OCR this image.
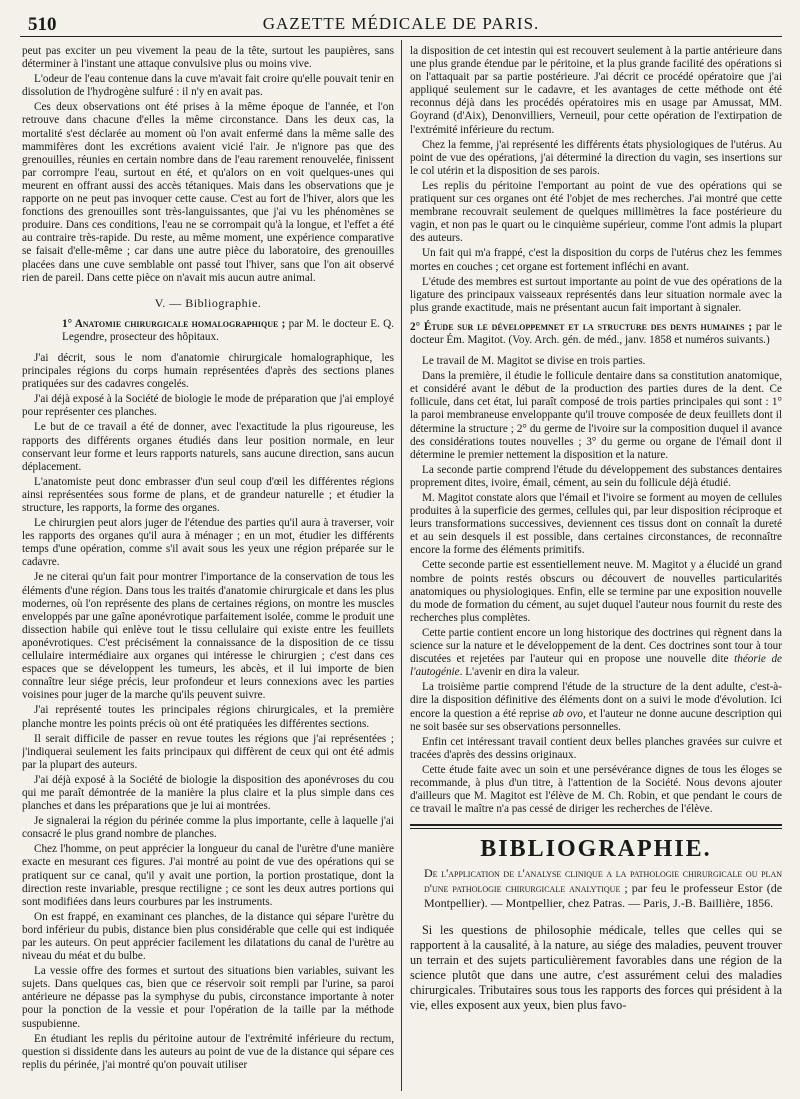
510	GAZETTE MÉDICALE DE PARIS.

peut pas exciter un peu vivement la peau de la tête, surtout les paupières, sans déterminer à l'instant une attaque convulsive plus ou moins vive.

L'odeur de l'eau contenue dans la cuve m'avait fait croire qu'elle pouvait tenir en dissolution de l'hydrogène sulfuré : il n'y en avait pas.

Ces deux observations ont été prises à la même époque de l'année, et l'on retrouve dans chacune d'elles la même circonstance. Dans les deux cas, la mortalité s'est déclarée au moment où l'on avait enfermé dans la même salle des mammifères dont les excrétions avaient vicié l'air. Je n'ignore pas que des grenouilles, réunies en certain nombre dans de l'eau rarement renouvelée, finissent par corrompre l'eau, surtout en été, et qu'alors on en voit quelques-unes qui meurent en offrant aussi des accès tétaniques. Mais dans les observations que je rapporte on ne peut pas invoquer cette cause. C'est au fort de l'hiver, alors que les fonctions des grenouilles sont très-languissantes, que j'ai vu les phénomènes se produire. Dans ces conditions, l'eau ne se corrompait qu'à la longue, et l'effet a été au contraire très-rapide. Du reste, au même moment, une expérience comparative se faisait d'elle-même ; car dans une autre pièce du laboratoire, des grenouilles placées dans une cuve semblable ont passé tout l'hiver, sans que l'on ait observé rien de pareil. Dans cette pièce on n'avait mis aucun autre animal.

V. — Bibliographie.

1° Anatomie chirurgicale homalographique ; par M. le docteur E. Q. Legendre, prosecteur des hôpitaux.

J'ai décrit, sous le nom d'anatomie chirurgicale homalographique, les principales régions du corps humain représentées d'après des sections planes pratiquées sur des cadavres congelés.

J'ai déjà exposé à la Société de biologie le mode de préparation que j'ai employé pour représenter ces planches.

Le but de ce travail a été de donner, avec l'exactitude la plus rigoureuse, les rapports des différents organes étudiés dans leur position normale, en leur conservant leur forme et leurs rapports naturels, sans aucune direction, sans aucun déplacement.

L'anatomiste peut donc embrasser d'un seul coup d'œil les différentes régions ainsi représentées sous forme de plans, et de grandeur naturelle ; et étudier la structure, les rapports, la forme des organes.

Le chirurgien peut alors juger de l'étendue des parties qu'il aura à traverser, voir les rapports des organes qu'il aura à ménager ; en un mot, étudier les différents temps d'une opération, comme s'il avait sous les yeux une région préparée sur le cadavre.

Je ne citerai qu'un fait pour montrer l'importance de la conservation de tous les éléments d'une région. Dans tous les traités d'anatomie chirurgicale et dans les plus modernes, où l'on représente des plans de certaines régions, on montre les muscles enveloppés par une gaîne aponévrotique parfaitement isolée, comme le produit une dissection habile qui enlève tout le tissu cellulaire qui existe entre les feuillets aponévrotiques. C'est précisément la connaissance de la disposition de ce tissu cellulaire intermédiaire aux organes qui intéresse le chirurgien ; c'est dans ces espaces que se développent les tumeurs, les abcès, et il lui importe de bien connaître leur siége précis, leur profondeur et leurs connexions avec les parties voisines pour juger de la marche qu'ils peuvent suivre.

J'ai représenté toutes les principales régions chirurgicales, et la première planche montre les points précis où ont été pratiquées les différentes sections.

Il serait difficile de passer en revue toutes les régions que j'ai représentées ; j'indiquerai seulement les faits principaux qui diffèrent de ceux qui ont été admis par la plupart des auteurs.

J'ai déjà exposé à la Société de biologie la disposition des aponévroses du cou qui me paraît démontrée de la manière la plus claire et la plus simple dans ces planches et dans les préparations que je lui ai montrées.

Je signalerai la région du périnée comme la plus importante, celle à laquelle j'ai consacré le plus grand nombre de planches.

Chez l'homme, on peut apprécier la longueur du canal de l'urètre d'une manière exacte en mesurant ces figures. J'ai montré au point de vue des opérations qui se pratiquent sur ce canal, qu'il y avait une portion, la portion prostatique, dont la direction reste invariable, presque rectiligne ; ce sont les deux autres portions qui sont modifiées dans leurs courbures par les instruments.

On est frappé, en examinant ces planches, de la distance qui sépare l'urètre du bord inférieur du pubis, distance bien plus considérable que celle qui est indiquée par les auteurs. On peut apprécier facilement les dilatations du canal de l'urètre au niveau du méat et du bulbe.

La vessie offre des formes et surtout des situations bien variables, suivant les sujets. Dans quelques cas, bien que ce réservoir soit rempli par l'urine, sa paroi antérieure ne dépasse pas la symphyse du pubis, circonstance importante à noter pour la ponction de la vessie et pour l'opération de la taille par la méthode suspubienne.

En étudiant les replis du péritoine autour de l'extrémité inférieure du rectum, question si dissidente dans les auteurs au point de vue de la distance qui sépare ces replis du périnée, j'ai montré qu'on pouvait utiliser

la disposition de cet intestin qui est recouvert seulement à la partie antérieure dans une plus grande étendue par le péritoine, et la plus grande facilité des opérations si on l'attaquait par sa partie postérieure. J'ai décrit ce procédé opératoire que j'ai appliqué seulement sur le cadavre, et les avantages de cette méthode ont été reconnus déjà dans les procédés opératoires mis en usage par Amussat, MM. Goyrand (d'Aix), Denonvilliers, Verneuil, pour cette opération de l'extirpation de l'extrémité inférieure du rectum.

Chez la femme, j'ai représenté les différents états physiologiques de l'utérus. Au point de vue des opérations, j'ai déterminé la direction du vagin, ses insertions sur le col utérin et la disposition de ses parois.

Les replis du péritoine l'emportant au point de vue des opérations qui se pratiquent sur ces organes ont été l'objet de mes recherches. J'ai montré que cette membrane recouvrait seulement de quelques millimètres la face postérieure du vagin, et non pas le quart ou le cinquième supérieur, comme l'ont admis la plupart des auteurs.

Un fait qui m'a frappé, c'est la disposition du corps de l'utérus chez les femmes mortes en couches ; cet organe est fortement infléchi en avant.

L'étude des membres est surtout importante au point de vue des opérations de la ligature des principaux vaisseaux représentés dans leur situation normale avec la plus grande exactitude, mais ne présentant aucun fait important à signaler.

2° Étude sur le développemnet et la structure des dents humaines ; par le docteur Ém. Magitot. (Voy. Arch. gén. de méd., janv. 1858 et numéros suivants.)

Le travail de M. Magitot se divise en trois parties.

Dans la première, il étudie le follicule dentaire dans sa constitution anatomique, et considéré avant le début de la production des parties dures de la dent. Ce follicule, dans cet état, lui paraît composé de trois parties principales qui sont : 1° la paroi membraneuse enveloppante qu'il trouve composée de deux feuillets dont il détermine la structure ; 2° du germe de l'ivoire sur la composition duquel il avance des considérations toutes nouvelles ; 3° du germe ou organe de l'émail dont il détermine le premier nettement la disposition et la nature.

La seconde partie comprend l'étude du développement des substances dentaires proprement dites, ivoire, émail, cément, au sein du follicule déjà étudié.

M. Magitot constate alors que l'émail et l'ivoire se forment au moyen de cellules produites à la superficie des germes, cellules qui, par leur disposition réciproque et leurs transformations successives, deviennent ces tissus dont on connaît la dureté et au sein desquels il est possible, dans certaines circonstances, de reconnaître encore la forme des éléments primitifs.

Cette seconde partie est essentiellement neuve. M. Magitot y a élucidé un grand nombre de points restés obscurs ou découvert de nouvelles particularités anatomiques ou physiologiques. Enfin, elle se termine par une exposition nouvelle du mode de formation du cément, au sujet duquel l'auteur nous fournit du reste des recherches plus complètes.

Cette partie contient encore un long historique des doctrines qui règnent dans la science sur la nature et le développement de la dent. Ces doctrines sont tour à tour discutées et rejetées par l'auteur qui en propose une nouvelle dite théorie de l'autogénie. L'avenir en dira la valeur.

La troisième partie comprend l'étude de la structure de la dent adulte, c'est-à-dire la disposition définitive des éléments dont on a suivi le mode d'évolution. Ici encore la question a été reprise ab ovo, et l'auteur ne donne aucune description qui ne soit basée sur ses observations personnelles.

Enfin cet intéressant travail contient deux belles planches gravées sur cuivre et tracées d'après des dessins originaux.

Cette étude faite avec un soin et une persévérance dignes de tous les éloges se recommande, à plus d'un titre, à l'attention de la Société. Nous devons ajouter d'ailleurs que M. Magitot est l'élève de M. Ch. Robin, et que pendant le cours de ce travail le maître n'a pas cessé de diriger les recherches de l'élève.

BIBLIOGRAPHIE.

De l'application de l'analyse clinique a la pathologie chirurgicale ou plan d'une pathologie chirurgicale analytique ; par feu le professeur Estor (de Montpellier). — Montpellier, chez Patras. — Paris, J.-B. Baillière, 1856.

Si les questions de philosophie médicale, telles que celles qui se rapportent à la causalité, à la nature, au siége des maladies, peuvent trouver un terrain et des sujets particulièrement favorables dans une région de la science plutôt que dans une autre, c'est assurément celui des maladies chirurgicales. Tributaires sous tous les rapports des forces qui président à la vie, elles exposent aux yeux, bien plus favo-
